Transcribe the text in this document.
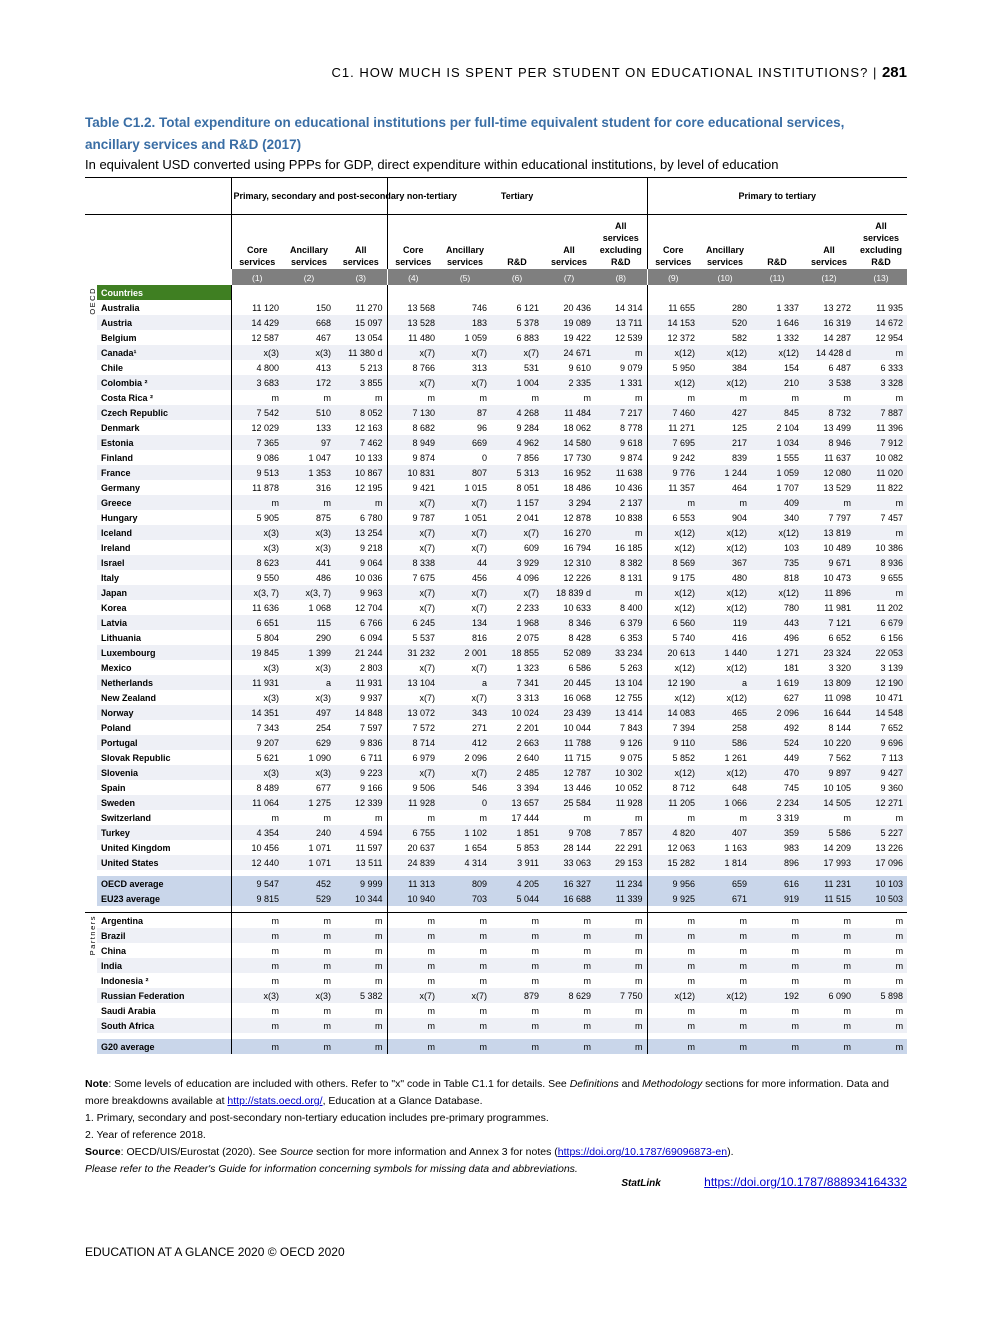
C1. HOW MUCH IS SPENT PER STUDENT ON EDUCATIONAL INSTITUTIONS? | 281
Table C1.2. Total expenditure on educational institutions per full-time equivalent student for core educational services, ancillary services and R&D (2017)
In equivalent USD converted using PPPs for GDP, direct expenditure within educational institutions, by level of education
		Primary, secondary and post-secondary non-tertiary			Tertiary					Primary to tertiary				
		Core services	Ancillary services	All services	Core services	Ancillary services	R&D	All services	All services excluding R&D	Core services	Ancillary services	R&D	All services	All services excluding R&D
		(1)	(2)	(3)	(4)	(5)	(6)	(7)	(8)	(9)	(10)	(11)	(12)	(13)

OECD	Countries													
	Australia	11 120	150	11 270	13 568	746	6 121	20 436	14 314	11 655	280	1 337	13 272	11 935
	Austria	14 429	668	15 097	13 528	183	5 378	19 089	13 711	14 153	520	1 646	16 319	14 672
	Belgium	12 587	467	13 054	11 480	1 059	6 883	19 422	12 539	12 372	582	1 332	14 287	12 954
	Canada¹	x(3)	x(3)	11 380 d	x(7)	x(7)	x(7)	24 671	m	x(12)	x(12)	x(12)	14 428 d	m
	Chile	4 800	413	5 213	8 766	313	531	9 610	9 079	5 950	384	154	6 487	6 333
	Colombia ²	3 683	172	3 855	x(7)	x(7)	1 004	2 335	1 331	x(12)	x(12)	210	3 538	3 328
	Costa Rica ²	m	m	m	m	m	m	m	m	m	m	m	m	m
	Czech Republic	7 542	510	8 052	7 130	87	4 268	11 484	7 217	7 460	427	845	8 732	7 887
	Denmark	12 029	133	12 163	8 682	96	9 284	18 062	8 778	11 271	125	2 104	13 499	11 396
	Estonia	7 365	97	7 462	8 949	669	4 962	14 580	9 618	7 695	217	1 034	8 946	7 912
	Finland	9 086	1 047	10 133	9 874	0	7 856	17 730	9 874	9 242	839	1 555	11 637	10 082
	France	9 513	1 353	10 867	10 831	807	5 313	16 952	11 638	9 776	1 244	1 059	12 080	11 020
	Germany	11 878	316	12 195	9 421	1 015	8 051	18 486	10 436	11 357	464	1 707	13 529	11 822
	Greece	m	m	m	x(7)	x(7)	1 157	3 294	2 137	m	m	409	m	m
	Hungary	5 905	875	6 780	9 787	1 051	2 041	12 878	10 838	6 553	904	340	7 797	7 457
	Iceland	x(3)	x(3)	13 254	x(7)	x(7)	x(7)	16 270	m	x(12)	x(12)	x(12)	13 819	m
	Ireland	x(3)	x(3)	9 218	x(7)	x(7)	609	16 794	16 185	x(12)	x(12)	103	10 489	10 386
	Israel	8 623	441	9 064	8 338	44	3 929	12 310	8 382	8 569	367	735	9 671	8 936
	Italy	9 550	486	10 036	7 675	456	4 096	12 226	8 131	9 175	480	818	10 473	9 655
	Japan	x(3, 7)	x(3, 7)	9 963	x(7)	x(7)	x(7)	18 839 d	m	x(12)	x(12)	x(12)	11 896	m
	Korea	11 636	1 068	12 704	x(7)	x(7)	2 233	10 633	8 400	x(12)	x(12)	780	11 981	11 202
	Latvia	6 651	115	6 766	6 245	134	1 968	8 346	6 379	6 560	119	443	7 121	6 679
	Lithuania	5 804	290	6 094	5 537	816	2 075	8 428	6 353	5 740	416	496	6 652	6 156
	Luxembourg	19 845	1 399	21 244	31 232	2 001	18 855	52 089	33 234	20 613	1 440	1 271	23 324	22 053
	Mexico	x(3)	x(3)	2 803	x(7)	x(7)	1 323	6 586	5 263	x(12)	x(12)	181	3 320	3 139
	Netherlands	11 931	a	11 931	13 104	a	7 341	20 445	13 104	12 190	a	1 619	13 809	12 190
	New Zealand	x(3)	x(3)	9 937	x(7)	x(7)	3 313	16 068	12 755	x(12)	x(12)	627	11 098	10 471
	Norway	14 351	497	14 848	13 072	343	10 024	23 439	13 414	14 083	465	2 096	16 644	14 548
	Poland	7 343	254	7 597	7 572	271	2 201	10 044	7 843	7 394	258	492	8 144	7 652
	Portugal	9 207	629	9 836	8 714	412	2 663	11 788	9 126	9 110	586	524	10 220	9 696
	Slovak Republic	5 621	1 090	6 711	6 979	2 096	2 640	11 715	9 075	5 852	1 261	449	7 562	7 113
	Slovenia	x(3)	x(3)	9 223	x(7)	x(7)	2 485	12 787	10 302	x(12)	x(12)	470	9 897	9 427
	Spain	8 489	677	9 166	9 506	546	3 394	13 446	10 052	8 712	648	745	10 105	9 360
	Sweden	11 064	1 275	12 339	11 928	0	13 657	25 584	11 928	11 205	1 066	2 234	14 505	12 271
	Switzerland	m	m	m	m	m	17 444	m	m	m	m	3 319	m	m
	Turkey	4 354	240	4 594	6 755	1 102	1 851	9 708	7 857	4 820	407	359	5 586	5 227
	United Kingdom	10 456	1 071	11 597	20 637	1 654	5 853	28 144	22 291	12 063	1 163	983	14 209	13 226
	United States	12 440	1 071	13 511	24 839	4 314	3 911	33 063	29 153	15 282	1 814	896	17 993	17 096

	OECD average	9 547	452	9 999	11 313	809	4 205	16 327	11 234	9 956	659	616	11 231	10 103
	EU23 average	9 815	529	10 344	10 940	703	5 044	16 688	11 339	9 925	671	919	11 515	10 503

Partners	Argentina	m	m	m	m	m	m	m	m	m	m	m	m	m
	Brazil	m	m	m	m	m	m	m	m	m	m	m	m	m
	China	m	m	m	m	m	m	m	m	m	m	m	m	m
	India	m	m	m	m	m	m	m	m	m	m	m	m	m
	Indonesia ²	m	m	m	m	m	m	m	m	m	m	m	m	m
	Russian Federation	x(3)	x(3)	5 382	x(7)	x(7)	879	8 629	7 750	x(12)	x(12)	192	6 090	5 898
	Saudi Arabia	m	m	m	m	m	m	m	m	m	m	m	m	m
	South Africa	m	m	m	m	m	m	m	m	m	m	m	m	m

	G20 average	m	m	m	m	m	m	m	m	m	m	m	m	m
Note: Some levels of education are included with others. Refer to "x" code in Table C1.1 for details. See Definitions and Methodology sections for more information. Data and more breakdowns available at http://stats.oecd.org/, Education at a Glance Database.
1. Primary, secondary and post-secondary non-tertiary education includes pre-primary programmes.
2. Year of reference 2018.
Source: OECD/UIS/Eurostat (2020). See Source section for more information and Annex 3 for notes (https://doi.org/10.1787/69096873-en).
Please refer to the Reader's Guide for information concerning symbols for missing data and abbreviations.
StatLink	https://doi.org/10.1787/888934164332
EDUCATION AT A GLANCE 2020 © OECD 2020
